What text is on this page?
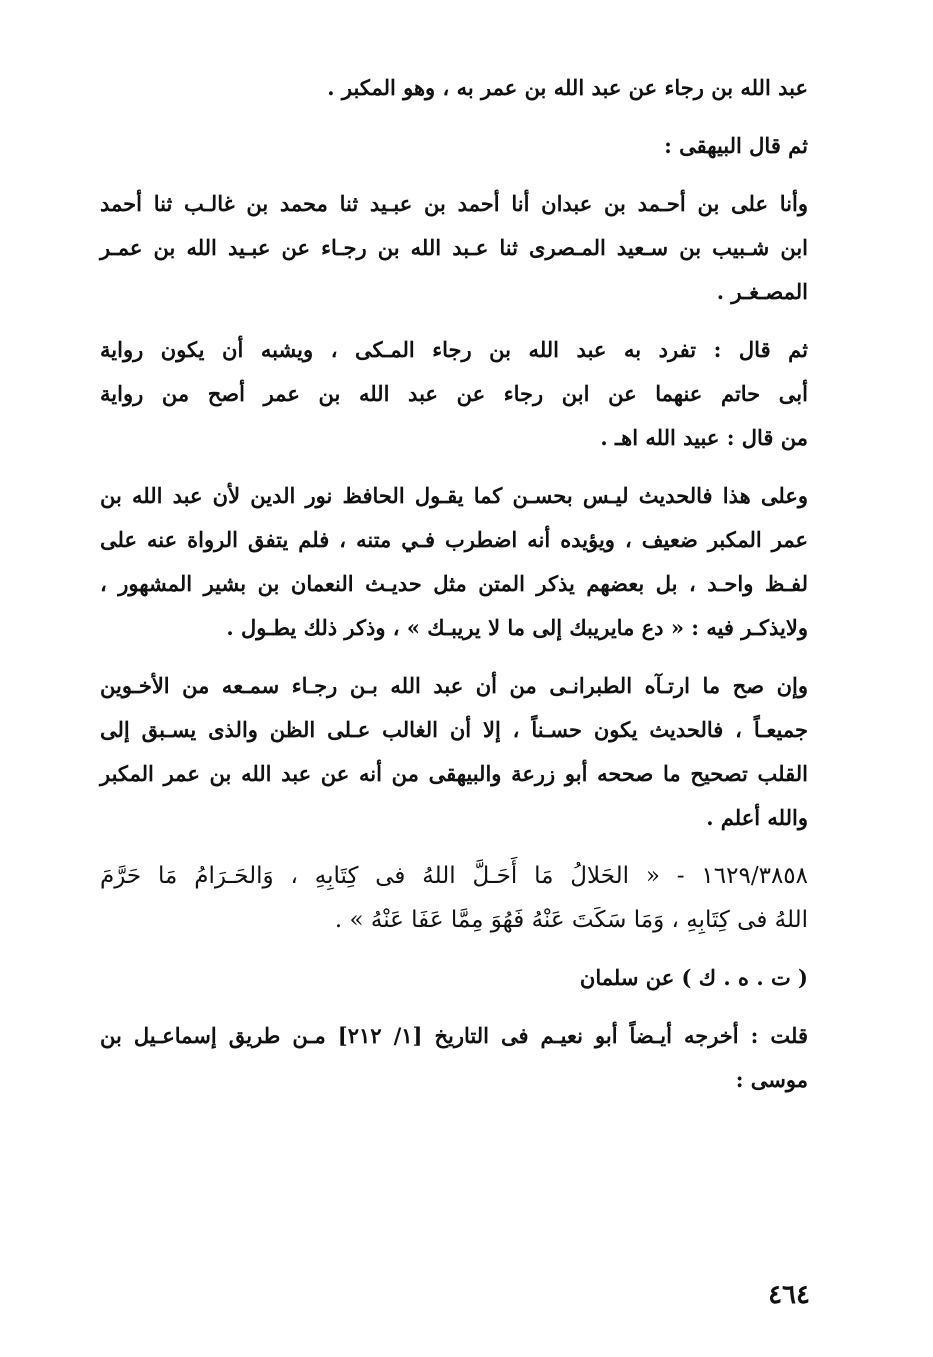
عبد الله بن رجاء عن عبد الله بن عمر به ، وهو المكبر .
ثم قال البيهقى :
وأنا على بن أحـمد بن عبدان أنا أحمد بن عبـيد ثنا محمد بن غالـب ثنا أحمد
ابن شـبيب بن سـعيد المـصرى ثنا عـبد الله بن رجـاء عن عبـيد الله بن عمـر
المصـغـر .
ثم قال : تفرد به عبد الله بن رجاء المـكى ، ويشبه أن يكون رواية
أبى حاتم عنهما عن ابن رجاء عن عبد الله بن عمر أصح من رواية
من قال : عبيد الله اهـ .
وعلى هذا فالحديث ليـس بحسـن كما يقـول الحافظ نور الدين لأن عبد الله بن
عمر المكبر ضعيف ، ويؤيده أنه اضطرب فـي متنه ، فلم يتفق الرواة عنه على
لفـظ واحـد ، بل بعضهم يذكر المتن مثل حديـث النعمان بن بشير المشهور ،
ولايذكـر فيه : « دع مايريبك إلى ما لا يريبـك » ، وذكر ذلك يطـول .
وإن صح ما ارتـآه الطبرانـى من أن عبد الله بـن رجـاء سمـعه من الأخـوين
جميعـاً ، فالحديث يكون حسـناً ، إلا أن الغالب عـلى الظن والذى يسـبق إلى
القلب تصحيح ما صححه أبو زرعة والبيهقى من أنه عن عبد الله بن عمر المكبر
والله أعلم .
١٦٢٩/٣٨٥٨ - « الحَلالُ مَا أَحَـلَّ اللهُ فى كِتَابِهِ ، وَالحَـرَامُ مَا حَرَّمَ
اللهُ فى كِتَابِهِ ، وَمَا سَكَتَ عَنْهُ فَهُوَ مِمَّا عَفَا عَنْهُ » .
( ت . ه . ك ) عن سلمان
قلت : أخرجه أيـضاً أبو نعيـم فى التاريخ [١/ ٢١٢] مـن طريق إسماعـيل بن
موسى :
٤٦٤
